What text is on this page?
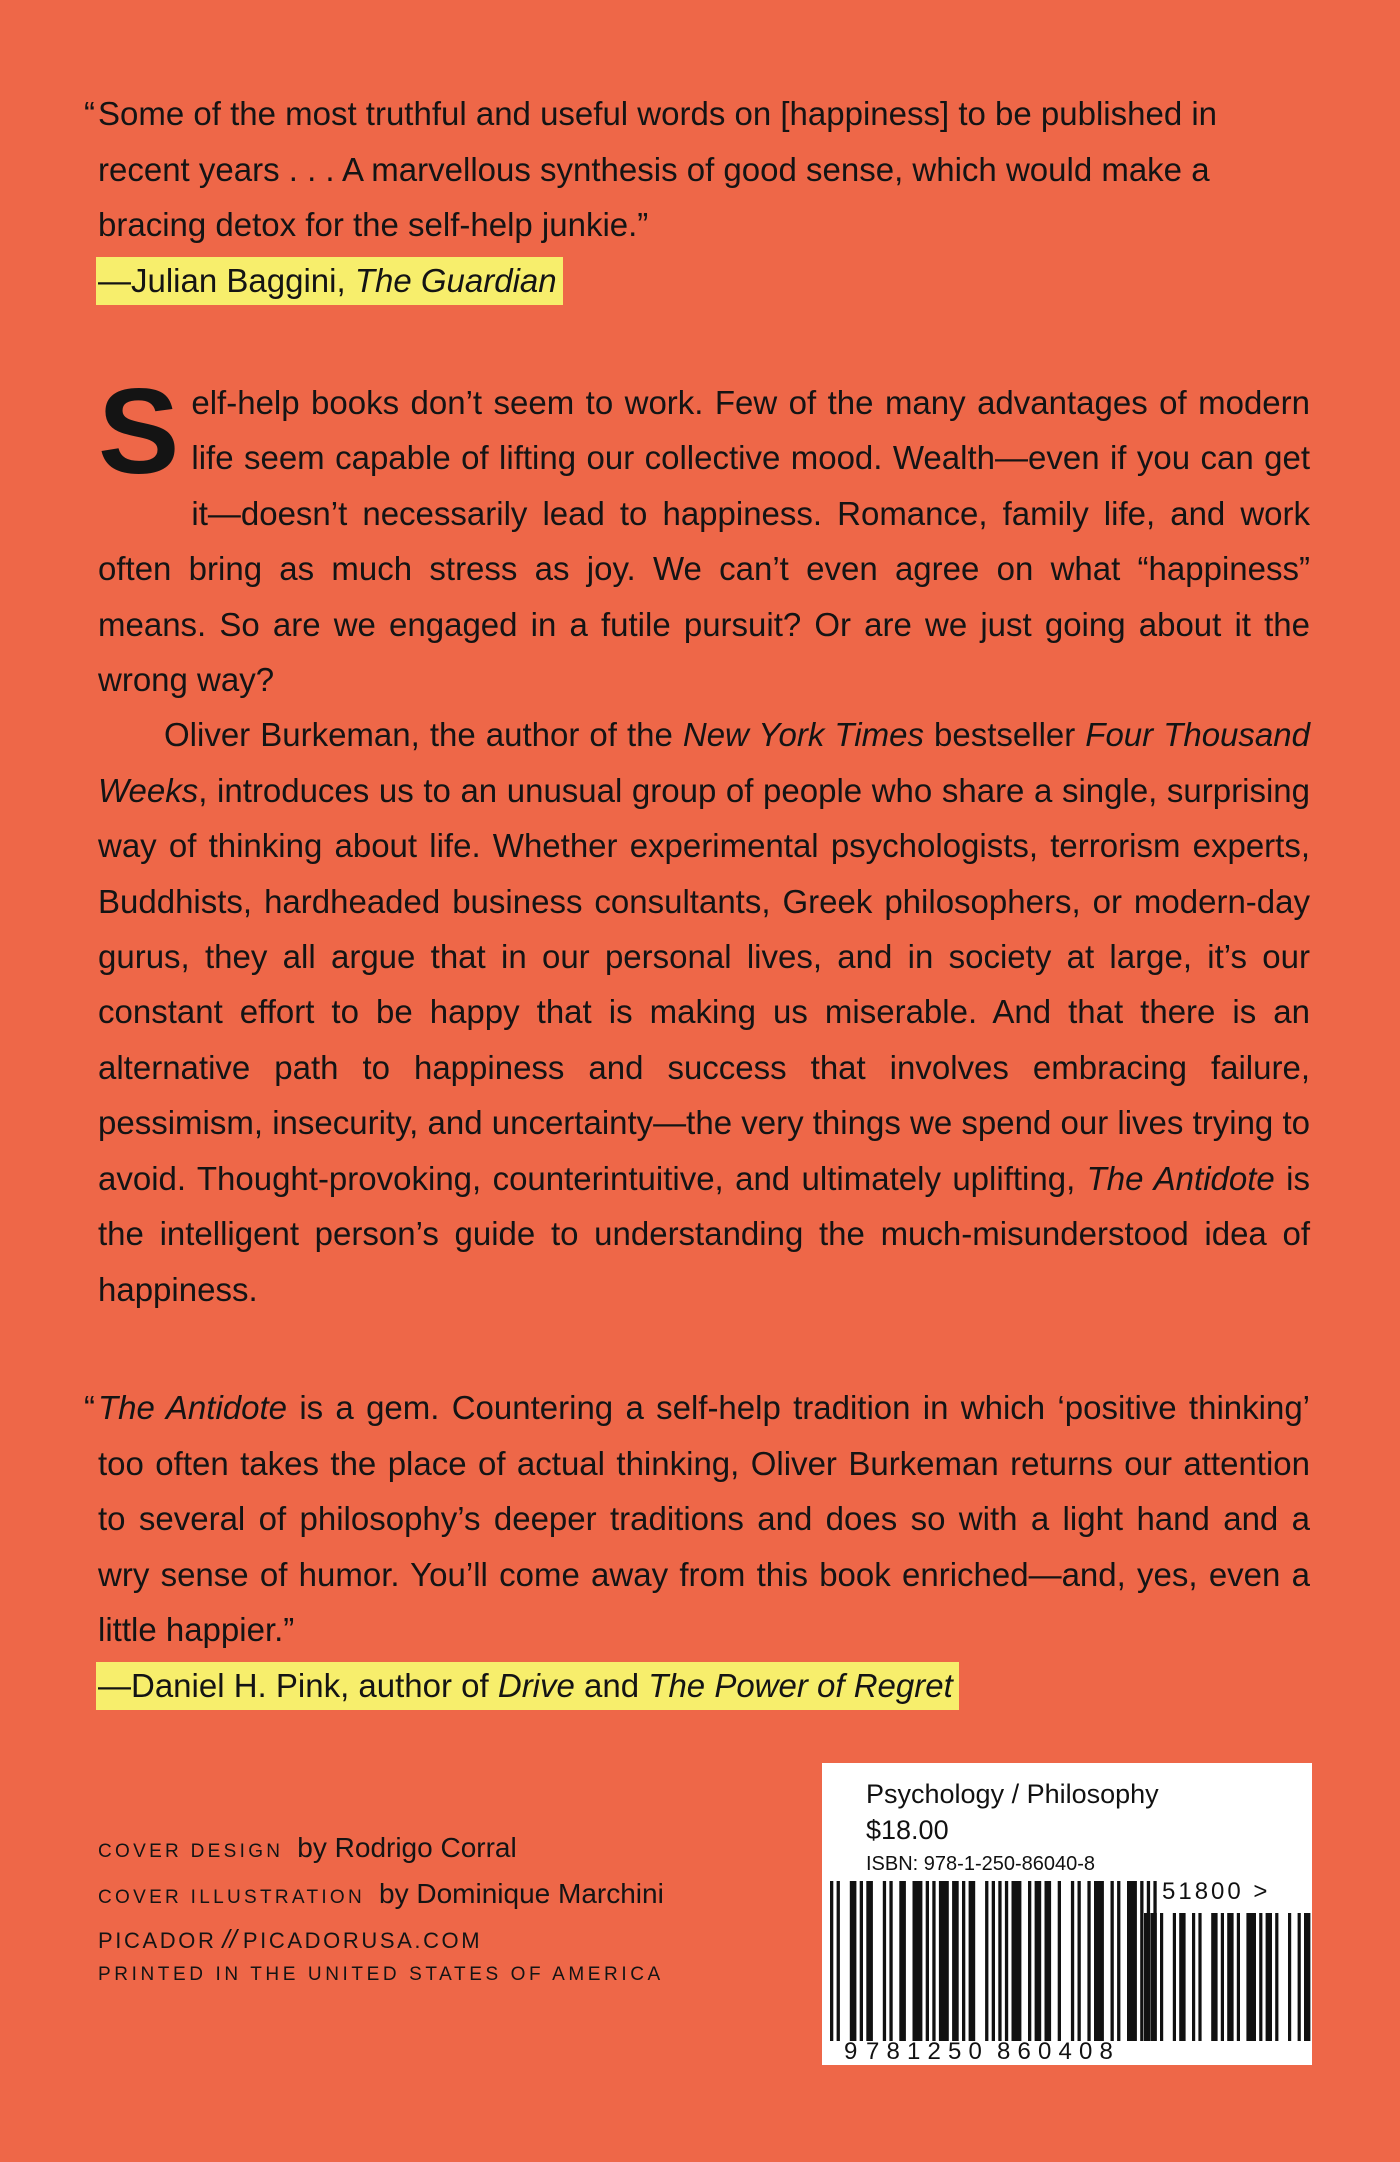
“ Some of the most truthful and useful words on [happiness] to be published in recent years . . . A marvellous synthesis of good sense, which would make a bracing detox for the self-help junkie.”

—Julian Baggini, The Guardian

Self-help books don’t seem to work. Few of the many advantages of modern life seem capable of lifting our collective mood. Wealth—even if you can get it—doesn’t necessarily lead to happiness. Romance, family life, and work often bring as much stress as joy. We can’t even agree on what “happiness” means. So are we engaged in a futile pursuit? Or are we just going about it the wrong way?

Oliver Burkeman, the author of the New York Times bestseller Four Thousand Weeks, introduces us to an unusual group of people who share a single, surprising way of thinking about life. Whether experimental psychologists, terrorism experts, Buddhists, hardheaded business consultants, Greek philosophers, or modern-day gurus, they all argue that in our personal lives, and in society at large, it’s our constant effort to be happy that is making us miserable. And that there is an alternative path to happiness and success that involves embracing failure, pessimism, insecurity, and uncertainty—the very things we spend our lives trying to avoid. Thought-provoking, counterintuitive, and ultimately uplifting, The Antidote is the intelligent person’s guide to understanding the much-misunderstood idea of happiness.

“ The Antidote is a gem. Countering a self-help tradition in which ‘positive thinking’ too often takes the place of actual thinking, Oliver Burkeman returns our attention to several of philosophy’s deeper traditions and does so with a light hand and a wry sense of humor. You’ll come away from this book enriched—and, yes, even a little happier.”

—Daniel H. Pink, author of Drive and The Power of Regret
COVER DESIGN by Rodrigo Corral
COVER ILLUSTRATION by Dominique Marchini
PICADOR // PICADORUSA.COM
PRINTED IN THE UNITED STATES OF AMERICA
Psychology / Philosophy
$18.00
ISBN: 978-1-250-86040-8
51800 >
9 7 8 1 2 5 0 8 6 0 4 0 8
